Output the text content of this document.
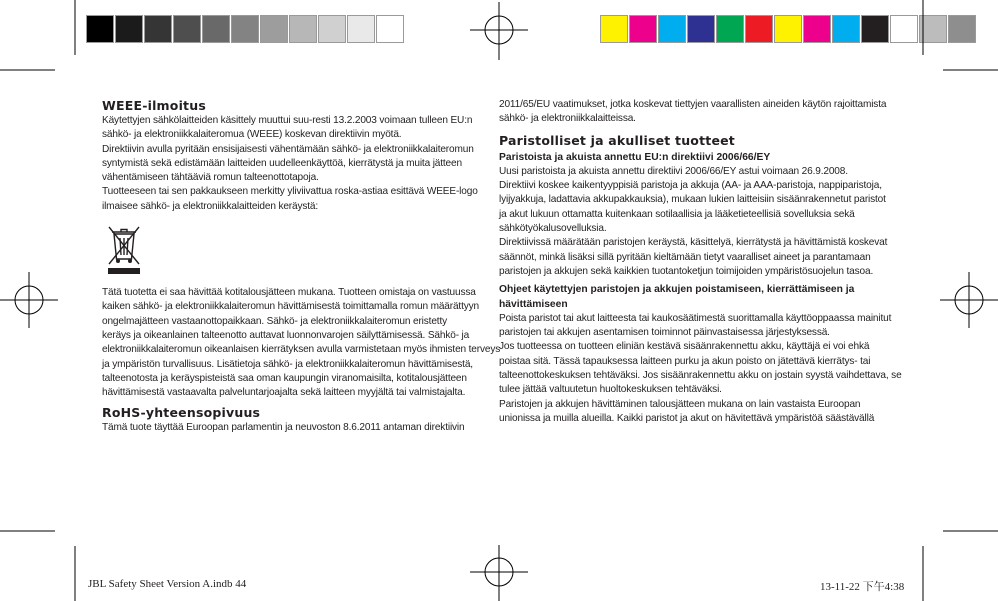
WEEE-ilmoitus

Käytettyjen sähkölaitteiden käsittely muuttui suu-resti 13.2.2003 voimaan tulleen EU:n

sähkö- ja elektroniikkalaiteromua (WEEE) koskevan direktiivin myötä.

Direktiivin avulla pyritään ensisijaisesti vähentämään sähkö- ja elektroniikkalaiteromun

syntymistä sekä edistämään laitteiden uudelleenkäyttöä, kierrätystä ja muita jätteen

vähentämiseen tähtääviä romun talteenottotapoja.

Tuotteeseen tai sen pakkaukseen merkitty yliviivattua roska-astiaa esittävä WEEE-logo

ilmaisee sähkö- ja elektroniikkalaitteiden keräystä:

Tätä tuotetta ei saa hävittää kotitalousjätteen mukana. Tuotteen omistaja on vastuussa

kaiken sähkö- ja elektroniikkalaiteromun hävittämisestä toimittamalla romun määrättyyn

ongelmajätteen vastaanottopaikkaan. Sähkö- ja elektroniikkalaiteromun eristetty

keräys ja oikeanlainen talteenotto auttavat luonnonvarojen säilyttämisessä. Sähkö- ja

elektroniikkalaiteromun oikeanlaisen kierrätyksen avulla varmistetaan myös ihmisten terveys

ja ympäristön turvallisuus. Lisätietoja sähkö- ja elektroniikkalaiteromun hävittämisestä,

talteenotosta ja keräyspisteistä saa oman kaupungin viranomaisilta, kotitalousjätteen

hävittämisestä vastaavalta palveluntarjoajalta sekä laitteen myyjältä tai valmistajalta.

RoHS-yhteensopivuus

Tämä tuote täyttää Euroopan parlamentin ja neuvoston 8.6.2011 antaman direktiivin

2011/65/EU vaatimukset, jotka koskevat tiettyjen vaarallisten aineiden käytön rajoittamista

sähkö- ja elektroniikkalaitteissa.

Paristolliset ja akulliset tuotteet
Paristoista ja akuista annettu EU:n direktiivi 2006/66/EY

Uusi paristoista ja akuista annettu direktiivi 2006/66/EY astui voimaan 26.9.2008.

Direktiivi koskee kaikentyyppisiä paristoja ja akkuja (AA- ja AAA-paristoja, nappiparistoja,

lyijyakkuja, ladattavia akkupakkauksia), mukaan lukien laitteisiin sisäänrakennetut paristot

ja akut lukuun ottamatta kuitenkaan sotilaallisia ja lääketieteellisiä sovelluksia sekä

sähkötyökalusovelluksia.

Direktiivissä määrätään paristojen keräystä, käsittelyä, kierrätystä ja hävittämistä koskevat

säännöt, minkä lisäksi sillä pyritään kieltämään tietyt vaaralliset aineet ja parantamaan

paristojen ja akkujen sekä kaikkien tuotantoketjun toimijoiden ympäristösuojelun tasoa.

Ohjeet käytettyjen paristojen ja akkujen poistamiseen, kierrättämiseen ja
hävittämiseen

Poista paristot tai akut laitteesta tai kaukosäätimestä suorittamalla käyttöoppaassa mainitut

paristojen tai akkujen asentamisen toiminnot päinvastaisessa järjestyksessä.

Jos tuotteessa on tuotteen eliniän kestävä sisäänrakennettu akku, käyttäjä ei voi ehkä

poistaa sitä. Tässä tapauksessa laitteen purku ja akun poisto on jätettävä kierrätys- tai

talteenottokeskuksen tehtäväksi. Jos sisäänrakennettu akku on jostain syystä vaihdettava, se

tulee jättää valtuutetun huoltokeskuksen tehtäväksi.

Paristojen ja akkujen hävittäminen talousjätteen mukana on lain vastaista Euroopan

unionissa ja muilla alueilla. Kaikki paristot ja akut on hävitettävä ympäristöä säästävällä

JBL Safety Sheet Version A.indb 44	13-11-22 下午4:38
